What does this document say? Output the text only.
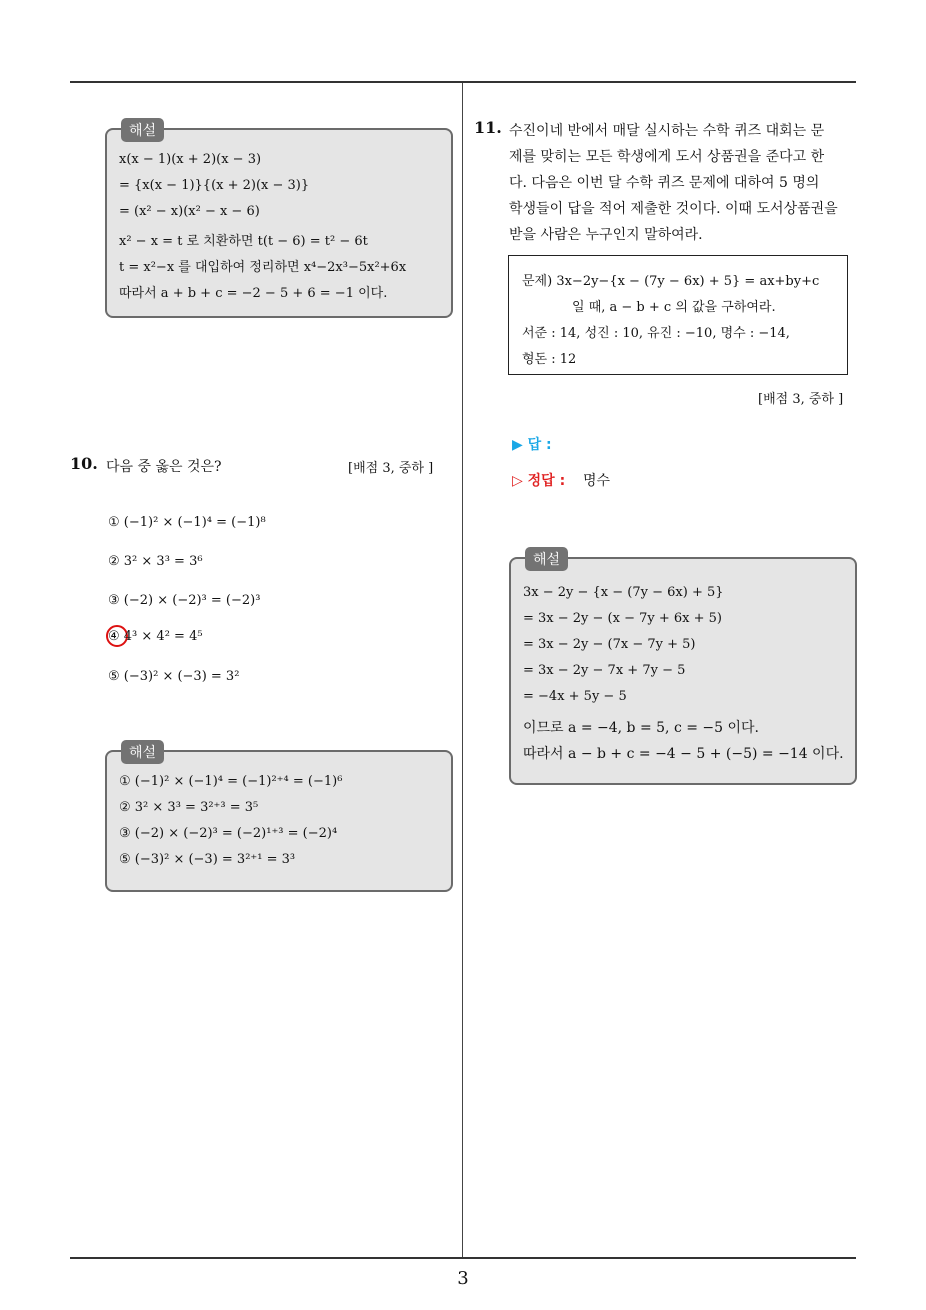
해설
x(x − 1)(x + 2)(x − 3)
= {x(x − 1)}{(x + 2)(x − 3)}
= (x² − x)(x² − x − 6)
x² − x = t 로 치환하면 t(t − 6) = t² − 6t
t = x²−x 를 대입하여 정리하면 x⁴−2x³−5x²+6x
따라서 a + b + c = −2 − 5 + 6 = −1 이다.
10. 다음 중 옳은 것은?	[배점 3, 중하 ]
① (−1)² × (−1)⁴ = (−1)⁸
② 3² × 3³ = 3⁶
③ (−2) × (−2)³ = (−2)³
④ 4³ × 4² = 4⁵
⑤ (−3)² × (−3) = 3²
해설
① (−1)² × (−1)⁴ = (−1)²⁺⁴ = (−1)⁶
② 3² × 3³ = 3²⁺³ = 3⁵
③ (−2) × (−2)³ = (−2)¹⁺³ = (−2)⁴
⑤ (−3)² × (−3) = 3²⁺¹ = 3³
11. 수진이네 반에서 매달 실시하는 수학 퀴즈 대회는 문
제를 맞히는 모든 학생에게 도서 상품권을 준다고 한
다. 다음은 이번 달 수학 퀴즈 문제에 대하여 5 명의
학생들이 답을 적어 제출한 것이다. 이때 도서상품권을
받을 사람은 누구인지 말하여라.
문제) 3x−2y−{x − (7y − 6x) + 5} = ax+by+c
일 때, a − b + c 의 값을 구하여라.
서준 : 14, 성진 : 10, 유진 : −10, 명수 : −14,
형돈 : 12
[배점 3, 중하 ]
▶ 답 :
▷ 정답 : 명수
해설
3x − 2y − {x − (7y − 6x) + 5}
= 3x − 2y − (x − 7y + 6x + 5)
= 3x − 2y − (7x − 7y + 5)
= 3x − 2y − 7x + 7y − 5
= −4x + 5y − 5
이므로 a = −4, b = 5, c = −5 이다.
따라서 a − b + c = −4 − 5 + (−5) = −14 이다.
3
